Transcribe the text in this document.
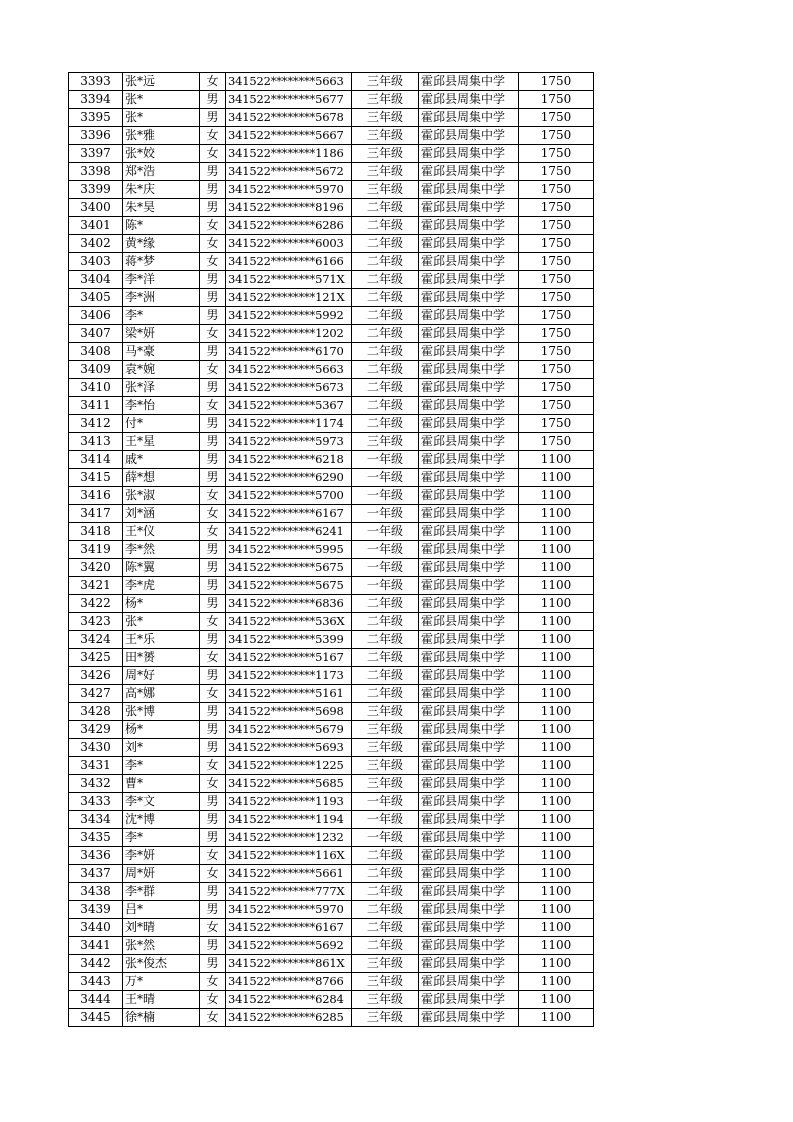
3393	张*远	女	341522********5663	三年级	霍邱县周集中学	1750
3394	张*	男	341522********5677	三年级	霍邱县周集中学	1750
3395	张*	男	341522********5678	三年级	霍邱县周集中学	1750
3396	张*雅	女	341522********5667	三年级	霍邱县周集中学	1750
3397	张*姣	女	341522********1186	三年级	霍邱县周集中学	1750
3398	郑*浩	男	341522********5672	三年级	霍邱县周集中学	1750
3399	朱*庆	男	341522********5970	三年级	霍邱县周集中学	1750
3400	朱*昊	男	341522********8196	二年级	霍邱县周集中学	1750
3401	陈*	女	341522********6286	二年级	霍邱县周集中学	1750
3402	黄*缘	女	341522********6003	二年级	霍邱县周集中学	1750
3403	蒋*梦	女	341522********6166	二年级	霍邱县周集中学	1750
3404	李*洋	男	341522********571X	二年级	霍邱县周集中学	1750
3405	李*洲	男	341522********121X	二年级	霍邱县周集中学	1750
3406	李*	男	341522********5992	二年级	霍邱县周集中学	1750
3407	梁*妍	女	341522********1202	二年级	霍邱县周集中学	1750
3408	马*豪	男	341522********6170	二年级	霍邱县周集中学	1750
3409	袁*婉	女	341522********5663	二年级	霍邱县周集中学	1750
3410	张*泽	男	341522********5673	二年级	霍邱县周集中学	1750
3411	李*怡	女	341522********5367	二年级	霍邱县周集中学	1750
3412	付*	男	341522********1174	二年级	霍邱县周集中学	1750
3413	王*星	男	341522********5973	三年级	霍邱县周集中学	1750
3414	戚*	男	341522********6218	一年级	霍邱县周集中学	1100
3415	薛*想	男	341522********6290	一年级	霍邱县周集中学	1100
3416	张*淑	女	341522********5700	一年级	霍邱县周集中学	1100
3417	刘*涵	女	341522********6167	一年级	霍邱县周集中学	1100
3418	王*仪	女	341522********6241	一年级	霍邱县周集中学	1100
3419	李*然	男	341522********5995	一年级	霍邱县周集中学	1100
3420	陈*翼	男	341522********5675	一年级	霍邱县周集中学	1100
3421	李*虎	男	341522********5675	一年级	霍邱县周集中学	1100
3422	杨*	男	341522********6836	二年级	霍邱县周集中学	1100
3423	张*	女	341522********536X	二年级	霍邱县周集中学	1100
3424	王*乐	男	341522********5399	二年级	霍邱县周集中学	1100
3425	田*赟	女	341522********5167	二年级	霍邱县周集中学	1100
3426	周*好	男	341522********1173	二年级	霍邱县周集中学	1100
3427	高*娜	女	341522********5161	二年级	霍邱县周集中学	1100
3428	张*博	男	341522********5698	三年级	霍邱县周集中学	1100
3429	杨*	男	341522********5679	三年级	霍邱县周集中学	1100
3430	刘*	男	341522********5693	三年级	霍邱县周集中学	1100
3431	李*	女	341522********1225	三年级	霍邱县周集中学	1100
3432	曹*	女	341522********5685	三年级	霍邱县周集中学	1100
3433	李*文	男	341522********1193	一年级	霍邱县周集中学	1100
3434	沈*博	男	341522********1194	一年级	霍邱县周集中学	1100
3435	李*	男	341522********1232	一年级	霍邱县周集中学	1100
3436	李*妍	女	341522********116X	二年级	霍邱县周集中学	1100
3437	周*妍	女	341522********5661	二年级	霍邱县周集中学	1100
3438	李*群	男	341522********777X	二年级	霍邱县周集中学	1100
3439	吕*	男	341522********5970	二年级	霍邱县周集中学	1100
3440	刘*晴	女	341522********6167	二年级	霍邱县周集中学	1100
3441	张*然	男	341522********5692	二年级	霍邱县周集中学	1100
3442	张*俊杰	男	341522********861X	三年级	霍邱县周集中学	1100
3443	万*	女	341522********8766	三年级	霍邱县周集中学	1100
3444	王*晴	女	341522********6284	三年级	霍邱县周集中学	1100
3445	徐*楠	女	341522********6285	三年级	霍邱县周集中学	1100
